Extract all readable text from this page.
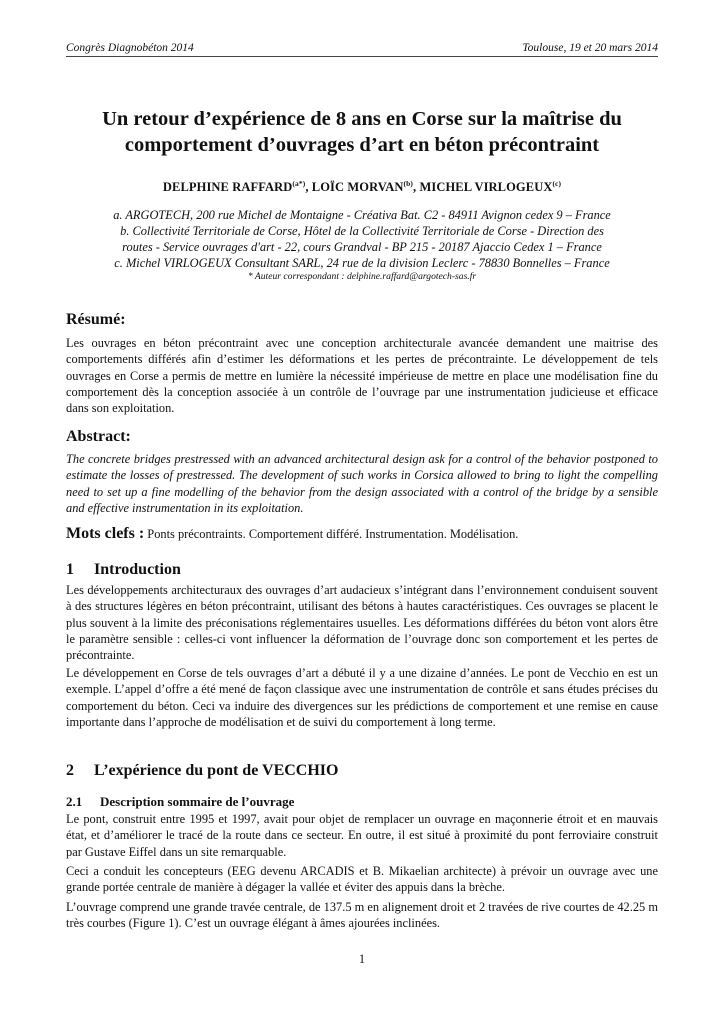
Congrès Diagnobéton 2014	Toulouse, 19 et 20 mars 2014
Un retour d’expérience de 8 ans en Corse sur la maîtrise du
comportement d’ouvrages d’art en béton précontraint
DELPHINE $RAFFARD^{(a*)}$, LOÏC MORVAN$^{(b)}$, MICHEL VIRLOGEUX$^{(c)}$
a. ARGOTECH, 200 rue Michel de Montaigne - Créativa Bat. C2 - 84911 Avignon cedex 9 – France
b. Collectivité Territoriale de Corse, Hôtel de la Collectivité Territoriale de Corse - Direction des
routes - Service ouvrages d'art - 22, cours Grandval - BP 215 - 20187 Ajaccio Cedex 1 – France
c. Michel VIRLOGEUX Consultant SARL, 24 rue de la division Leclerc - 78830 Bonnelles – France
* Auteur correspondant : delphine.raffard@argotech-sas.fr
Résumé:

Les ouvrages en béton précontraint avec une conception architecturale avancée demandent une maitrise des comportements différés afin d’estimer les déformations et les pertes de précontrainte. Le développement de tels ouvrages en Corse a permis de mettre en lumière la nécessité impérieuse de mettre en place une modélisation fine du comportement dès la conception associée à un contrôle de l’ouvrage par une instrumentation judicieuse et efficace dans son exploitation.

Abstract:

The concrete bridges prestressed with an advanced architectural design ask for a control of the behavior postponed to estimate the losses of prestressed. The development of such works in Corsica allowed to bring to light the compelling need to set up a fine modelling of the behavior from the design associated with a control of the bridge by a sensible and effective instrumentation in its exploitation.

Mots clefs : Ponts précontraints. Comportement différé. Instrumentation. Modélisation.
1 Introduction

Les développements architecturaux des ouvrages d’art audacieux s’intégrant dans l’environnement conduisent souvent à des structures légères en béton précontraint, utilisant des bétons à hautes caractéristiques. Ces ouvrages se placent le plus souvent à la limite des préconisations réglementaires usuelles. Les déformations différées du béton vont alors être le paramètre sensible : celles-ci vont influencer la déformation de l’ouvrage donc son comportement et les pertes de précontrainte.

Le développement en Corse de tels ouvrages d’art a débuté il y a une dizaine d’années. Le pont de Vecchio en est un exemple. L’appel d’offre a été mené de façon classique avec une instrumentation de contrôle et sans études précises du comportement du béton. Ceci va induire des divergences sur les prédictions de comportement et une remise en cause importante dans l’approche de modélisation et de suivi du comportement à long terme.

2 L’expérience du pont de VECCHIO
2.1 Description sommaire de l’ouvrage

Le pont, construit entre 1995 et 1997, avait pour objet de remplacer un ouvrage en maçonnerie étroit et en mauvais état, et d’améliorer le tracé de la route dans ce secteur. En outre, il est situé à proximité du pont ferroviaire construit par Gustave Eiffel dans un site remarquable.

Ceci a conduit les concepteurs (EEG devenu ARCADIS et B. Mikaelian architecte) à prévoir un ouvrage avec une grande portée centrale de manière à dégager la vallée et éviter des appuis dans la brèche.

L’ouvrage comprend une grande travée centrale, de 137.5 m en alignement droit et 2 travées de rive courtes de 42.25 m très courbes (Figure 1). C’est un ouvrage élégant à âmes ajourées inclinées.

1
